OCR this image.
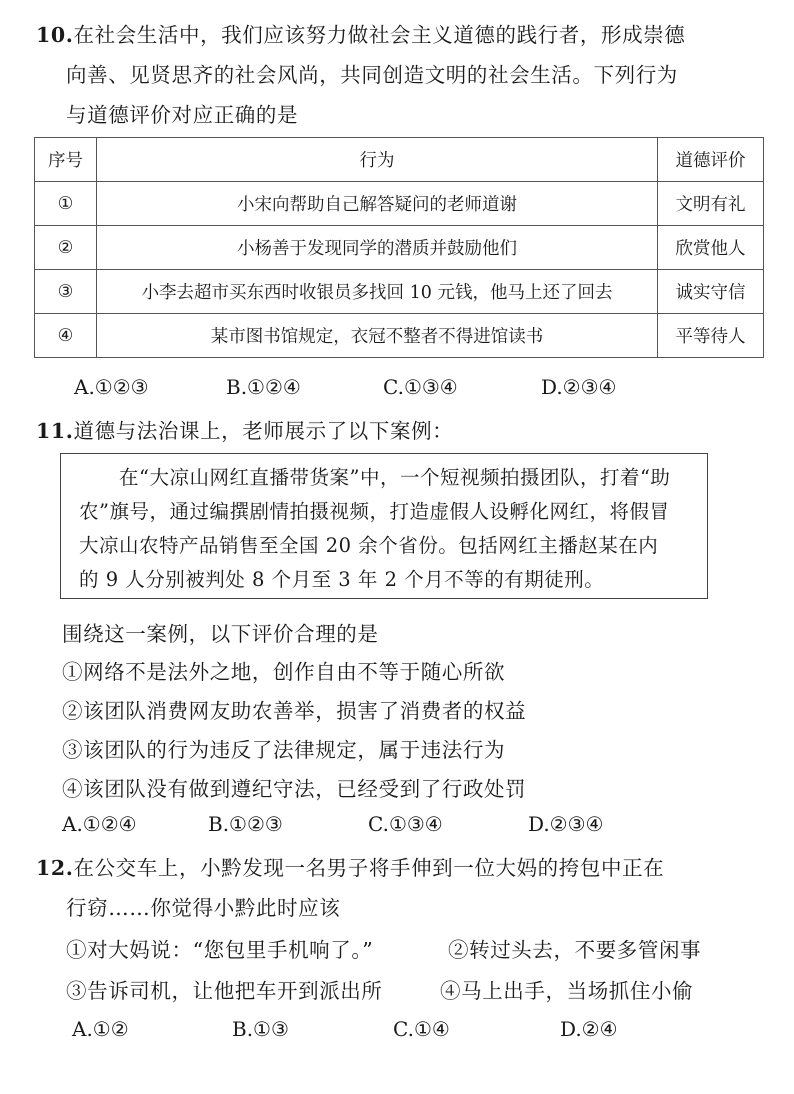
10.在社会生活中，我们应该努力做社会主义道德的践行者，形成崇德
向善、见贤思齐的社会风尚，共同创造文明的社会生活。下列行为
与道德评价对应正确的是
序号	行为	道德评价
①	小宋向帮助自己解答疑问的老师道谢	文明有礼
②	小杨善于发现同学的潜质并鼓励他们	欣赏他人
③	小李去超市买东西时收银员多找回 10 元钱，他马上还了回去	诚实守信
④	某市图书馆规定，衣冠不整者不得进馆读书	平等待人
A.①②③	B.①②④	C.①③④	D.②③④
11.道德与法治课上，老师展示了以下案例：
　　在“大凉山网红直播带货案”中，一个短视频拍摄团队，打着“助
农”旗号，通过编撰剧情拍摄视频，打造虚假人设孵化网红，将假冒
大凉山农特产品销售至全国 20 余个省份。包括网红主播赵某在内
的 9 人分别被判处 8 个月至 3 年 2 个月不等的有期徒刑。
围绕这一案例，以下评价合理的是
①网络不是法外之地，创作自由不等于随心所欲
②该团队消费网友助农善举，损害了消费者的权益
③该团队的行为违反了法律规定，属于违法行为
④该团队没有做到遵纪守法，已经受到了行政处罚
A.①②④	B.①②③	C.①③④	D.②③④
12.在公交车上，小黔发现一名男子将手伸到一位大妈的挎包中正在
行窃……你觉得小黔此时应该
①对大妈说：“您包里手机响了。”	②转过头去，不要多管闲事
③告诉司机，让他把车开到派出所	④马上出手，当场抓住小偷
A.①②	B.①③	C.①④	D.②④
